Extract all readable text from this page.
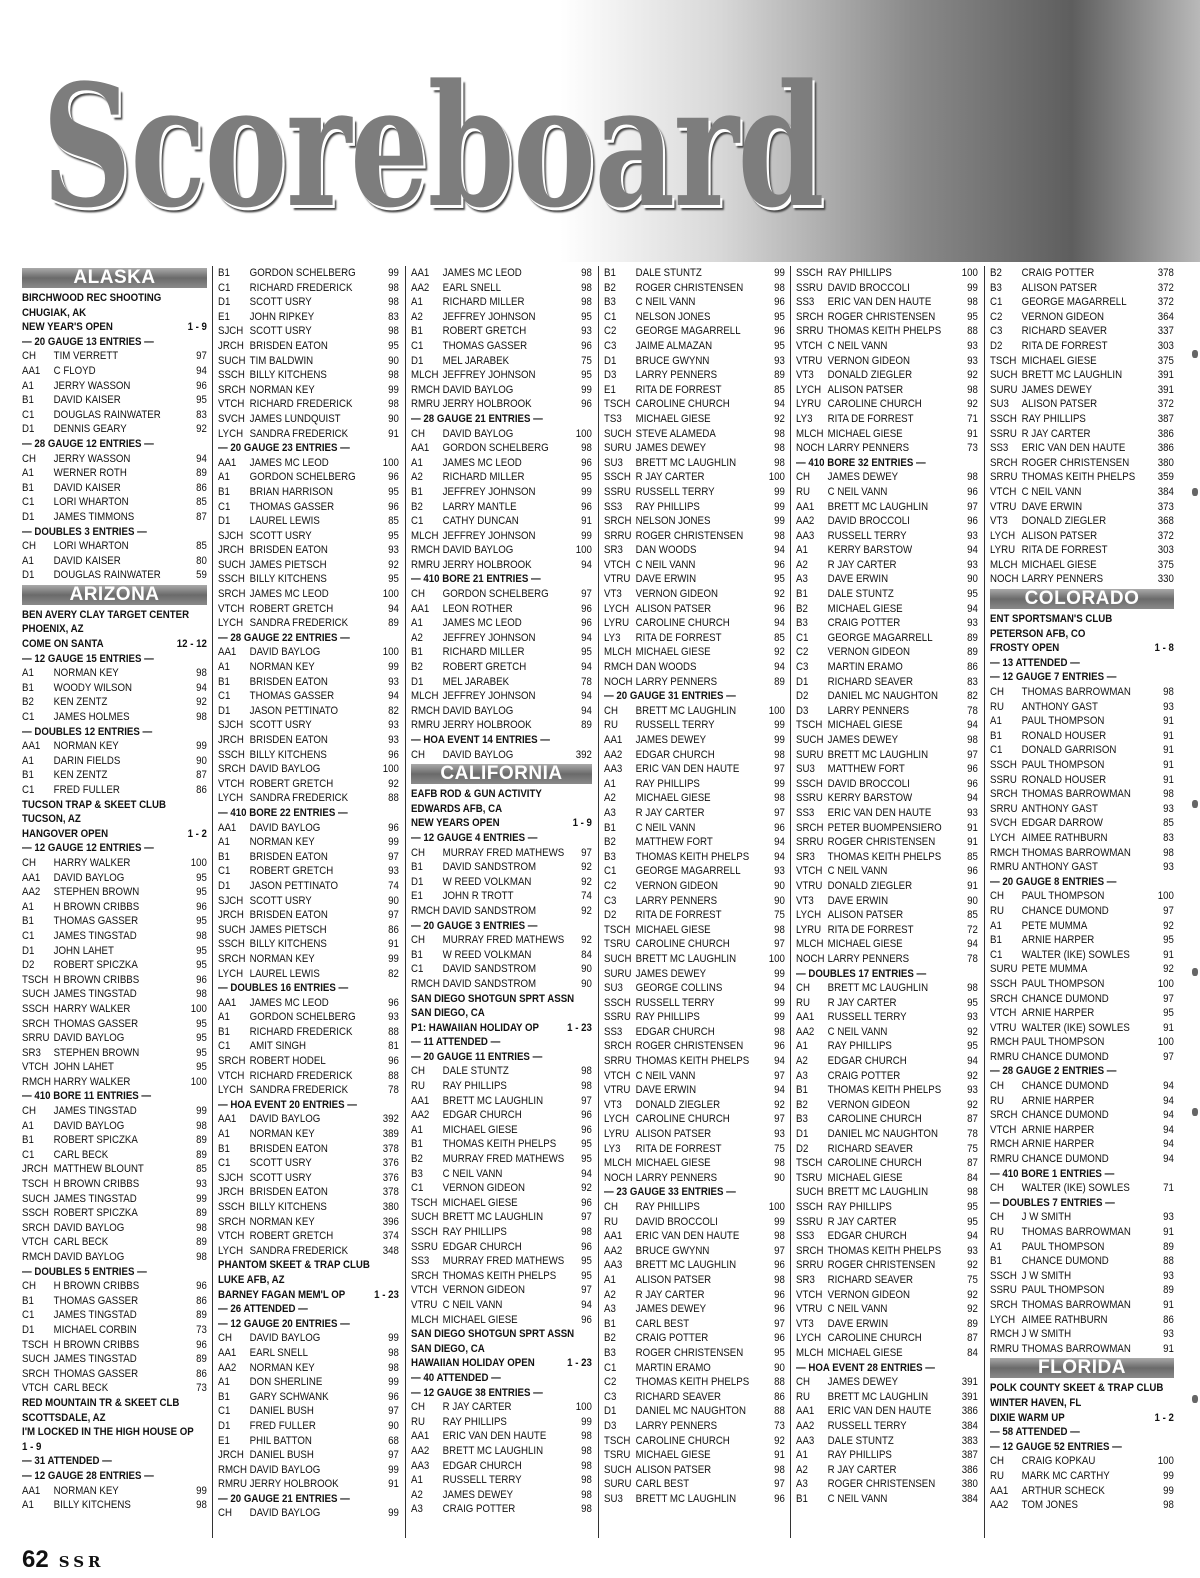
Scoreboard
ALASKA
BIRCHWOOD REC SHOOTING
CHUGIAK, AK
NEW YEAR'S OPEN	1 - 9
— 20 GAUGE 13 ENTRIES —
CH TIM VERRETT	97
AA1 C FLOYD	94
A1 JERRY WASSON	96
B1 DAVID KAISER	95
C1 DOUGLAS RAINWATER	83
D1 DENNIS GEARY	92
— 28 GAUGE 12 ENTRIES —
CH JERRY WASSON	94
A1 WERNER ROTH	89
B1 DAVID KAISER	86
C1 LORI WHARTON	85
D1 JAMES TIMMONS	87
— DOUBLES 3 ENTRIES —
CH LORI WHARTON	85
A1 DAVID KAISER	80
D1 DOUGLAS RAINWATER	59
ARIZONA
BEN AVERY CLAY TARGET CENTER
PHOENIX, AZ
COME ON SANTA	12 - 12
— 12 GAUGE 15 ENTRIES —
A1 NORMAN KEY	98
B1 WOODY WILSON	94
B2 KEN ZENTZ	92
C1 JAMES HOLMES	98
— DOUBLES 12 ENTRIES —
AA1 NORMAN KEY	99
A1 DARIN FIELDS	90
B1 KEN ZENTZ	87
C1 FRED FULLER	86
TUCSON TRAP & SKEET CLUB
TUCSON, AZ
HANGOVER OPEN	1 - 2
— 12 GAUGE 12 ENTRIES —
CH HARRY WALKER	100
AA1 DAVID BAYLOG	95
AA2 STEPHEN BROWN	95
A1 H BROWN CRIBBS	96
B1 THOMAS GASSER	95
C1 JAMES TINGSTAD	98
D1 JOHN LAHET	95
D2 ROBERT SPICZKA	95
TSCH H BROWN CRIBBS	96
SUCH JAMES TINGSTAD	98
SSCH HARRY WALKER	100
SRCH THOMAS GASSER	95
SRRU DAVID BAYLOG	95
SR3 STEPHEN BROWN	95
VTCH JOHN LAHET	95
RMCH HARRY WALKER	100
— 410 BORE 11 ENTRIES —
CH JAMES TINGSTAD	99
A1 DAVID BAYLOG	98
B1 ROBERT SPICZKA	89
C1 CARL BECK	89
JRCH MATTHEW BLOUNT	85
TSCH H BROWN CRIBBS	93
SUCH JAMES TINGSTAD	99
SSCH ROBERT SPICZKA	89
SRCH DAVID BAYLOG	98
VTCH CARL BECK	89
RMCH DAVID BAYLOG	98
— DOUBLES 5 ENTRIES —
CH H BROWN CRIBBS	96
B1 THOMAS GASSER	86
C1 JAMES TINGSTAD	89
D1 MICHAEL CORBIN	73
TSCH H BROWN CRIBBS	96
SUCH JAMES TINGSTAD	89
SRCH THOMAS GASSER	86
VTCH CARL BECK	73
RED MOUNTAIN TR & SKEET CLB
SCOTTSDALE, AZ
I'M LOCKED IN THE HIGH HOUSE OP
1 - 9
— 31 ATTENDED —
— 12 GAUGE 28 ENTRIES —
AA1 NORMAN KEY	99
A1 BILLY KITCHENS	98
B1 GORDON SCHELBERG	99
C1 RICHARD FREDERICK	98
D1 SCOTT USRY	98
E1 JOHN RIPKEY	83
SJCH SCOTT USRY	98
JRCH BRISDEN EATON	95
SUCH TIM BALDWIN	90
SSCH BILLY KITCHENS	98
SRCH NORMAN KEY	99
VTCH RICHARD FREDERICK	98
SVCH JAMES LUNDQUIST	90
LYCH SANDRA FREDERICK	91
— 20 GAUGE 23 ENTRIES —
AA1 JAMES MC LEOD	100
A1 GORDON SCHELBERG	96
B1 BRIAN HARRISON	95
C1 THOMAS GASSER	96
D1 LAUREL LEWIS	85
SJCH SCOTT USRY	95
JRCH BRISDEN EATON	93
SUCH JAMES PIETSCH	92
SSCH BILLY KITCHENS	95
SRCH JAMES MC LEOD	100
VTCH ROBERT GRETCH	94
LYCH SANDRA FREDERICK	89
— 28 GAUGE 22 ENTRIES —
AA1 DAVID BAYLOG	100
A1 NORMAN KEY	99
B1 BRISDEN EATON	93
C1 THOMAS GASSER	94
D1 JASON PETTINATO	82
SJCH SCOTT USRY	93
JRCH BRISDEN EATON	93
SSCH BILLY KITCHENS	96
SRCH DAVID BAYLOG	100
VTCH ROBERT GRETCH	92
LYCH SANDRA FREDERICK	88
— 410 BORE 22 ENTRIES —
AA1 DAVID BAYLOG	96
A1 NORMAN KEY	99
B1 BRISDEN EATON	97
C1 ROBERT GRETCH	93
D1 JASON PETTINATO	74
SJCH SCOTT USRY	90
JRCH BRISDEN EATON	97
SUCH JAMES PIETSCH	86
SSCH BILLY KITCHENS	91
SRCH NORMAN KEY	99
LYCH LAUREL LEWIS	82
— DOUBLES 16 ENTRIES —
AA1 JAMES MC LEOD	96
A1 GORDON SCHELBERG	93
B1 RICHARD FREDERICK	88
C1 AMIT SINGH	81
SRCH ROBERT HODEL	96
VTCH RICHARD FREDERICK	88
LYCH SANDRA FREDERICK	78
— HOA EVENT 20 ENTRIES —
AA1 DAVID BAYLOG	392
A1 NORMAN KEY	389
B1 BRISDEN EATON	378
C1 SCOTT USRY	376
SJCH SCOTT USRY	376
JRCH BRISDEN EATON	378
SSCH BILLY KITCHENS	380
SRCH NORMAN KEY	396
VTCH ROBERT GRETCH	374
LYCH SANDRA FREDERICK	348
PHANTOM SKEET & TRAP CLUB
LUKE AFB, AZ
BARNEY FAGAN MEM'L OP	1 - 23
— 26 ATTENDED —
— 12 GAUGE 20 ENTRIES —
CH DAVID BAYLOG	99
AA1 EARL SNELL	98
AA2 NORMAN KEY	98
A1 DON SHERLINE	99
B1 GARY SCHWANK	96
C1 DANIEL BUSH	97
D1 FRED FULLER	90
E1 PHIL BATTON	68
JRCH DANIEL BUSH	97
RMCH DAVID BAYLOG	99
RMRU JERRY HOLBROOK	91
— 20 GAUGE 21 ENTRIES —
CH DAVID BAYLOG	99
AA1 JAMES MC LEOD	98
AA2 EARL SNELL	98
A1 RICHARD MILLER	98
A2 JEFFREY JOHNSON	95
B1 ROBERT GRETCH	93
C1 THOMAS GASSER	96
D1 MEL JARABEK	75
MLCH JEFFREY JOHNSON	95
RMCH DAVID BAYLOG	99
RMRU JERRY HOLBROOK	96
— 28 GAUGE 21 ENTRIES —
CH DAVID BAYLOG	100
AA1 GORDON SCHELBERG	98
A1 JAMES MC LEOD	96
A2 RICHARD MILLER	95
B1 JEFFREY JOHNSON	99
B2 LARRY MANTLE	96
C1 CATHY DUNCAN	91
MLCH JEFFREY JOHNSON	99
RMCH DAVID BAYLOG	100
RMRU JERRY HOLBROOK	94
— 410 BORE 21 ENTRIES —
CH GORDON SCHELBERG	97
AA1 LEON ROTHER	96
A1 JAMES MC LEOD	96
A2 JEFFREY JOHNSON	94
B1 RICHARD MILLER	95
B2 ROBERT GRETCH	94
D1 MEL JARABEK	78
MLCH JEFFREY JOHNSON	94
RMCH DAVID BAYLOG	94
RMRU JERRY HOLBROOK	89
— HOA EVENT 14 ENTRIES —
CH DAVID BAYLOG	392
CALIFORNIA
EAFB ROD & GUN ACTIVITY
EDWARDS AFB, CA
NEW YEARS OPEN	1 - 9
— 12 GAUGE 4 ENTRIES —
CH MURRAY FRED MATHEWS 97
B1 DAVID SANDSTROM	92
D1 W REED VOLKMAN	92
E1 JOHN R TROTT	74
RMCH DAVID SANDSTROM	92
— 20 GAUGE 3 ENTRIES —
CH MURRAY FRED MATHEWS 92
B1 W REED VOLKMAN	84
C1 DAVID SANDSTROM	90
RMCH DAVID SANDSTROM	90
SAN DIEGO SHOTGUN SPRT ASSN
SAN DIEGO, CA
P1: HAWAIIAN HOLIDAY OP	1 - 23
— 11 ATTENDED —
— 20 GAUGE 11 ENTRIES —
CH DALE STUNTZ	98
RU RAY PHILLIPS	98
AA1 BRETT MC LAUGHLIN	97
AA2 EDGAR CHURCH	96
A1 MICHAEL GIESE	96
B1 THOMAS KEITH PHELPS 95
B2 MURRAY FRED MATHEWS 95
B3 C NEIL VANN	94
C1 VERNON GIDEON	92
TSCH MICHAEL GIESE	96
SUCH BRETT MC LAUGHLIN	97
SSCH RAY PHILLIPS	98
SSRU EDGAR CHURCH	96
SS3 MURRAY FRED MATHEWS 95
SRCH THOMAS KEITH PHELPS 95
VTCH VERNON GIDEON	97
VTRU C NEIL VANN	94
MLCH MICHAEL GIESE	96
SAN DIEGO SHOTGUN SPRT ASSN
SAN DIEGO, CA
HAWAIIAN HOLIDAY OPEN	1 - 23
— 40 ATTENDED —
— 12 GAUGE 38 ENTRIES —
CH R JAY CARTER	100
RU RAY PHILLIPS	99
AA1 ERIC VAN DEN HAUTE	98
AA2 BRETT MC LAUGHLIN	98
AA3 EDGAR CHURCH	98
A1 RUSSELL TERRY	98
A2 JAMES DEWEY	98
A3 CRAIG POTTER	98
B1 DALE STUNTZ	99
B2 ROGER CHRISTENSEN	98
B3 C NEIL VANN	96
C1 NELSON JONES	95
C2 GEORGE MAGARRELL	96
C3 JAIME ALMAZAN	95
D1 BRUCE GWYNN	93
D3 LARRY PENNERS	89
E1 RITA DE FORREST	85
TSCH CAROLINE CHURCH	94
TS3 MICHAEL GIESE	92
SUCH STEVE ALAMEDA	98
SURU JAMES DEWEY	98
SU3 BRETT MC LAUGHLIN	98
SSCH R JAY CARTER	100
SSRU RUSSELL TERRY	99
SS3 RAY PHILLIPS	99
SRCH NELSON JONES	99
SRRU ROGER CHRISTENSEN	98
SR3 DAN WOODS	94
VTCH C NEIL VANN	96
VTRU DAVE ERWIN	95
VT3 VERNON GIDEON	92
LYCH ALISON PATSER	96
LYRU CAROLINE CHURCH	94
LY3 RITA DE FORREST	85
MLCH MICHAEL GIESE	92
RMCH DAN WOODS	94
NOCH LARRY PENNERS	89
— 20 GAUGE 31 ENTRIES —
CH BRETT MC LAUGHLIN	100
RU RUSSELL TERRY	99
AA1 JAMES DEWEY	99
AA2 EDGAR CHURCH	98
AA3 ERIC VAN DEN HAUTE	97
A1 RAY PHILLIPS	99
A2 MICHAEL GIESE	98
A3 R JAY CARTER	97
B1 C NEIL VANN	96
B2 MATTHEW FORT	94
B3 THOMAS KEITH PHELPS 94
C1 GEORGE MAGARRELL	93
C2 VERNON GIDEON	90
C3 LARRY PENNERS	90
D2 RITA DE FORREST	75
TSCH MICHAEL GIESE	98
TSRU CAROLINE CHURCH	97
SUCH BRETT MC LAUGHLIN	100
SURU JAMES DEWEY	99
SU3 GEORGE COLLINS	94
SSCH RUSSELL TERRY	99
SSRU RAY PHILLIPS	99
SS3 EDGAR CHURCH	98
SRCH ROGER CHRISTENSEN	96
SRRU THOMAS KEITH PHELPS 94
VTCH C NEIL VANN	97
VTRU DAVE ERWIN	94
VT3 DONALD ZIEGLER	92
LYCH CAROLINE CHURCH	97
LYRU ALISON PATSER	93
LY3 RITA DE FORREST	75
MLCH MICHAEL GIESE	98
NOCH LARRY PENNERS	90
— 23 GAUGE 33 ENTRIES —
CH RAY PHILLIPS	100
RU DAVID BROCCOLI	99
AA1 ERIC VAN DEN HAUTE	98
AA2 BRUCE GWYNN	97
AA3 BRETT MC LAUGHLIN	96
A1 ALISON PATSER	98
A2 R JAY CARTER	96
A3 JAMES DEWEY	96
B1 CARL BEST	97
B2 CRAIG POTTER	96
B3 ROGER CHRISTENSEN	95
C1 MARTIN ERAMO	90
C2 THOMAS KEITH PHELPS 88
C3 RICHARD SEAVER	86
D1 DANIEL MC NAUGHTON	88
D3 LARRY PENNERS	73
TSCH CAROLINE CHURCH	92
TSRU MICHAEL GIESE	91
SUCH ALISON PATSER	98
SURU CARL BEST	97
SU3 BRETT MC LAUGHLIN	96
SSCH RAY PHILLIPS	100
SSRU DAVID BROCCOLI	99
SS3 ERIC VAN DEN HAUTE	98
SRCH ROGER CHRISTENSEN	95
SRRU THOMAS KEITH PHELPS 88
VTCH C NEIL VANN	93
VTRU VERNON GIDEON	93
VT3 DONALD ZIEGLER	92
LYCH ALISON PATSER	98
LYRU CAROLINE CHURCH	92
LY3 RITA DE FORREST	71
MLCH MICHAEL GIESE	91
NOCH LARRY PENNERS	73
— 410 BORE 32 ENTRIES —
CH JAMES DEWEY	98
RU C NEIL VANN	96
AA1 BRETT MC LAUGHLIN	97
AA2 DAVID BROCCOLI	96
AA3 RUSSELL TERRY	93
A1 KERRY BARSTOW	94
A2 R JAY CARTER	93
A3 DAVE ERWIN	90
B1 DALE STUNTZ	95
B2 MICHAEL GIESE	94
B3 CRAIG POTTER	93
C1 GEORGE MAGARRELL	89
C2 VERNON GIDEON	89
C3 MARTIN ERAMO	86
D1 RICHARD SEAVER	83
D2 DANIEL MC NAUGHTON	82
D3 LARRY PENNERS	78
TSCH MICHAEL GIESE	94
SUCH JAMES DEWEY	98
SURU BRETT MC LAUGHLIN	97
SU3 MATTHEW FORT	96
SSCH DAVID BROCCOLI	96
SSRU KERRY BARSTOW	94
SS3 ERIC VAN DEN HAUTE	93
SRCH PETER BUOMPENSIERO 91
SRRU ROGER CHRISTENSEN	91
SR3 THOMAS KEITH PHELPS 85
VTCH C NEIL VANN	96
VTRU DONALD ZIEGLER	91
VT3 DAVE ERWIN	90
LYCH ALISON PATSER	85
LYRU RITA DE FORREST	72
MLCH MICHAEL GIESE	94
NOCH LARRY PENNERS	78
— DOUBLES 17 ENTRIES —
CH BRETT MC LAUGHLIN	98
RU R JAY CARTER	95
AA1 RUSSELL TERRY	93
AA2 C NEIL VANN	92
A1 RAY PHILLIPS	95
A2 EDGAR CHURCH	94
A3 CRAIG POTTER	92
B1 THOMAS KEITH PHELPS 93
B2 VERNON GIDEON	92
B3 CAROLINE CHURCH	87
D1 DANIEL MC NAUGHTON	78
D2 RICHARD SEAVER	75
TSCH CAROLINE CHURCH	87
TSRU MICHAEL GIESE	84
SUCH BRETT MC LAUGHLIN	98
SSCH RAY PHILLIPS	95
SSRU R JAY CARTER	95
SS3 EDGAR CHURCH	94
SRCH THOMAS KEITH PHELPS 93
SRRU ROGER CHRISTENSEN	92
SR3 RICHARD SEAVER	75
VTCH VERNON GIDEON	92
VTRU C NEIL VANN	92
VT3 DAVE ERWIN	89
LYCH CAROLINE CHURCH	87
MLCH MICHAEL GIESE	84
— HOA EVENT 28 ENTRIES —
CH JAMES DEWEY	391
RU BRETT MC LAUGHLIN	391
AA1 ERIC VAN DEN HAUTE	386
AA2 RUSSELL TERRY	384
AA3 DALE STUNTZ	383
A1 RAY PHILLIPS	387
A2 R JAY CARTER	386
A3 ROGER CHRISTENSEN 380
B1 C NEIL VANN	384
B2 CRAIG POTTER	378
B3 ALISON PATSER	372
C1 GEORGE MAGARRELL	372
C2 VERNON GIDEON	364
C3 RICHARD SEAVER	337
D2 RITA DE FORREST	303
TSCH MICHAEL GIESE	375
SUCH BRETT MC LAUGHLIN	391
SURU JAMES DEWEY	391
SU3 ALISON PATSER	372
SSCH RAY PHILLIPS	387
SSRU R JAY CARTER	386
SS3 ERIC VAN DEN HAUTE	386
SRCH ROGER CHRISTENSEN	380
SRRU THOMAS KEITH PHELPS 359
VTCH C NEIL VANN	384
VTRU DAVE ERWIN	373
VT3 DONALD ZIEGLER	368
LYCH ALISON PATSER	372
LYRU RITA DE FORREST	303
MLCH MICHAEL GIESE	375
NOCH LARRY PENNERS	330
COLORADO
ENT SPORTSMAN'S CLUB
PETERSON AFB, CO
FROSTY OPEN	1 - 8
— 13 ATTENDED —
— 12 GAUGE 7 ENTRIES —
CH THOMAS BARROWMAN	98
RU ANTHONY GAST	93
A1 PAUL THOMPSON	91
B1 RONALD HOUSER	91
C1 DONALD GARRISON	91
SSCH PAUL THOMPSON	91
SSRU RONALD HOUSER	91
SRCH THOMAS BARROWMAN	98
SRRU ANTHONY GAST	93
SVCH EDGAR DARROW	85
LYCH AIMEE RATHBURN	83
RMCH THOMAS BARROWMAN	98
RMRU ANTHONY GAST	93
— 20 GAUGE 8 ENTRIES —
CH PAUL THOMPSON	100
RU CHANCE DUMOND	97
A1 PETE MUMMA	92
B1 ARNIE HARPER	95
C1 WALTER (IKE) SOWLES	91
SURU PETE MUMMA	92
SSCH PAUL THOMPSON	100
SRCH CHANCE DUMOND	97
VTCH ARNIE HARPER	95
VTRU WALTER (IKE) SOWLES	91
RMCH PAUL THOMPSON	100
RMRU CHANCE DUMOND	97
— 28 GAUGE 2 ENTRIES —
CH CHANCE DUMOND	94
RU ARNIE HARPER	94
SRCH CHANCE DUMOND	94
VTCH ARNIE HARPER	94
RMCH ARNIE HARPER	94
RMRU CHANCE DUMOND	94
— 410 BORE 1 ENTRIES —
CH WALTER (IKE) SOWLES	71
— DOUBLES 7 ENTRIES —
CH J W SMITH	93
RU THOMAS BARROWMAN	91
A1 PAUL THOMPSON	89
B1 CHANCE DUMOND	88
SSCH J W SMITH	93
SSRU PAUL THOMPSON	89
SRCH THOMAS BARROWMAN	91
LYCH AIMEE RATHBURN	86
RMCH J W SMITH	93
RMRU THOMAS BARROWMAN	91
FLORIDA
POLK COUNTY SKEET & TRAP CLUB
WINTER HAVEN, FL
DIXIE WARM UP	1 - 2
— 58 ATTENDED —
— 12 GAUGE 52 ENTRIES —
CH CRAIG KOPKAU	100
RU MARK MC CARTHY	99
AA1 ARTHUR SCHECK	99
AA2 TOM JONES	98
62 SSR
